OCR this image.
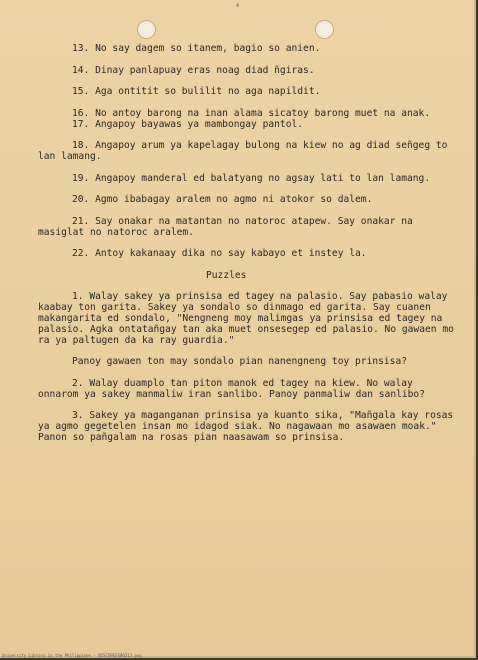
4

13. No say dagem so itanem, bagio so anien.

14. Dinay panlapuay eras noag diad ñgiras.

15. Aga ontitit so bulilit no aga napildit.

16. No antoy barong na inan alama sicatoy barong muet na anak.

17. Angapoy bayawas ya mambongay pantol.

18. Angapoy arum ya kapelagay bulong na kiew no ag diad señgeg to lan lamang.

19. Angapoy manderal ed balatyang no agsay lati to lan lamang.

20. Agmo ibabagay aralem no agmo ni atokor so dalem.

21. Say onakar na matantan no natoroc atapew. Say onakar na masiglat no natoroc aralem.

22. Antoy kakanaay dika no say kabayo et instey la.

Puzzles

1. Walay sakey ya prinsisa ed tagey na palasio. Say pabasio walay kaabay ton garita. Sakey ya sondalo so dinmago ed garita. Say cuanen makangarita ed sondalo, "Nengneng moy malimgas ya prinsisa ed tagey na palasio. Agka ontatañgay tan aka muet onsesegep ed palasio. No gawaen mo ra ya paltugen da ka ray guardia."

Panoy gawaen ton may sondalo pian nanengneng toy prinsisa?

2. Walay duamplo tan piton manok ed tagey na kiew. No walay onnarom ya sakey manmaliw iran sanlibo. Panoy panmaliw dan sanlibo?

3. Sakey ya maganganan prinsisa ya kuanto sika, "Mañgala kay rosas ya agmo gegetelen insan mo idagod siak. No nagawaan mo asawaen moak." Panon so pañgalam na rosas pian naasawam so prinsisa.

University Library in the Philippines - BISCOPESS00213.png
